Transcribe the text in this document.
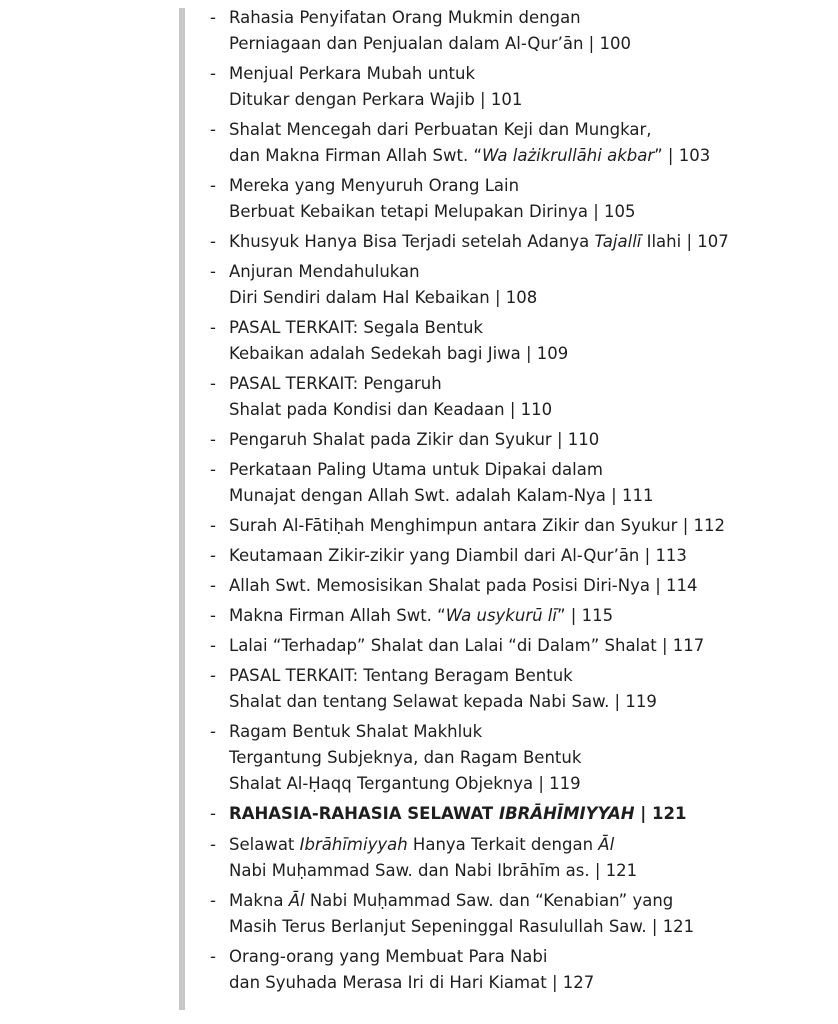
- Rahasia Penyifatan Orang Mukmin dengan
Perniagaan dan Penjualan dalam Al-Qur’ān | 100
- Menjual Perkara Mubah untuk
Ditukar dengan Perkara Wajib | 101
- Shalat Mencegah dari Perbuatan Keji dan Mungkar,
dan Makna Firman Allah Swt. “Wa lażikrullāhi akbar” | 103
- Mereka yang Menyuruh Orang Lain
Berbuat Kebaikan tetapi Melupakan Dirinya | 105
- Khusyuk Hanya Bisa Terjadi setelah Adanya Tajallī Ilahi | 107
- Anjuran Mendahulukan
Diri Sendiri dalam Hal Kebaikan | 108
- PASAL TERKAIT: Segala Bentuk
Kebaikan adalah Sedekah bagi Jiwa | 109
- PASAL TERKAIT: Pengaruh
Shalat pada Kondisi dan Keadaan | 110
- Pengaruh Shalat pada Zikir dan Syukur | 110
- Perkataan Paling Utama untuk Dipakai dalam
Munajat dengan Allah Swt. adalah Kalam-Nya | 111
- Surah Al-Fātiḥah Menghimpun antara Zikir dan Syukur | 112
- Keutamaan Zikir-zikir yang Diambil dari Al-Qur’ān | 113
- Allah Swt. Memosisikan Shalat pada Posisi Diri-Nya | 114
- Makna Firman Allah Swt. “Wa usykurū lī” | 115
- Lalai “Terhadap” Shalat dan Lalai “di Dalam” Shalat | 117
- PASAL TERKAIT: Tentang Beragam Bentuk
Shalat dan tentang Selawat kepada Nabi Saw. | 119
- Ragam Bentuk Shalat Makhluk
Tergantung Subjeknya, dan Ragam Bentuk
Shalat Al-Ḥaqq Tergantung Objeknya | 119
- RAHASIA-RAHASIA SELAWAT IBRĀHĪMIYYAH | 121
- Selawat Ibrāhīmiyyah Hanya Terkait dengan Āl
Nabi Muḥammad Saw. dan Nabi Ibrāhīm as. | 121
- Makna Āl Nabi Muḥammad Saw. dan “Kenabian” yang
Masih Terus Berlanjut Sepeninggal Rasulullah Saw. | 121
- Orang-orang yang Membuat Para Nabi
dan Syuhada Merasa Iri di Hari Kiamat | 127
